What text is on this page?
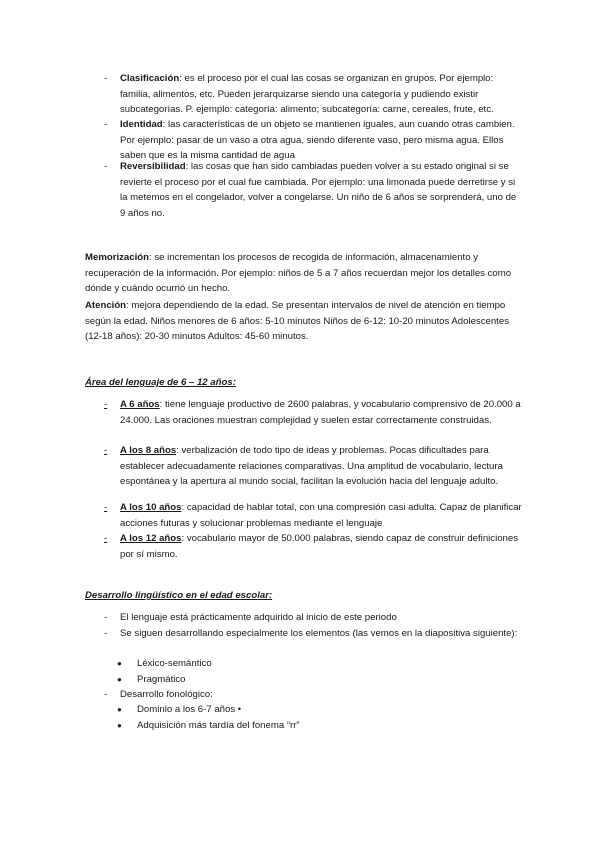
-	Clasificación: es el proceso por el cual las cosas se organizan en grupos. Por ejemplo: familia, alimentos, etc. Pueden jerarquizarse siendo una categoría y pudiendo existir subcategorías. P. ejemplo: categoría: alimento; subcategoría: carne, cereales, frute, etc.
-	Identidad: las características de un objeto se mantienen iguales, aun cuando otras cambien. Por ejemplo: pasar de un vaso a otra agua, siendo diferente vaso, pero misma agua. Ellos saben que es la misma cantidad de agua
-	Reversibilidad: las cosas que han sido cambiadas pueden volver a su estado original si se revierte el proceso por el cual fue cambiada. Por ejemplo: una limonada puede derretirse y si la metemos en el congelador, volver a congelarse. Un niño de 6 años se sorprenderá, uno de 9 años no.
Memorización: se incrementan los procesos de recogida de información, almacenamiento y recuperación de la información. Por ejemplo: niños de 5 a 7 años recuerdan mejor los detalles como dónde y cuándo ocurrió un hecho.
Atención: mejora dependiendo de la edad. Se presentan intervalos de nivel de atención en tiempo según la edad. Niños menores de 6 años: 5-10 minutos Niños de 6-12: 10-20 minutos Adolescentes (12-18 años): 20-30 minutos Adultos: 45-60 minutos.
Área del lenguaje de 6 – 12 años:
-	A 6 años: tiene lenguaje productivo de 2600 palabras, y vocabulario comprensivo de 20.000 a 24.000. Las oraciones muestran complejidad y suelen estar correctamente construidas.
-	A los 8 años: verbalización de todo tipo de ideas y problemas. Pocas dificultades para establecer adecuadamente relaciones comparativas. Una amplitud de vocabulario, lectura espontánea y la apertura al mundo social, facilitan la evolución hacia del lenguaje adulto.
-	A los 10 años: capacidad de hablar total, con una compresión casi adulta. Capaz de planificar acciones futuras y solucionar problemas mediante el lenguaje
-	A los 12 años: vocabulario mayor de 50.000 palabras, siendo capaz de construir definiciones por sí mismo.
Desarrollo lingüístico en el edad escolar:
-	El lenguaje está prácticamente adquirido al inicio de este periodo
-	Se siguen desarrollando especialmente los elementos (las vemos en la diapositiva siguiente):
● Léxico-semántico
● Pragmático
-	Desarrollo fonológico:
● Dominio a los 6-7 años •
● Adquisición más tardía del fonema “rr”
